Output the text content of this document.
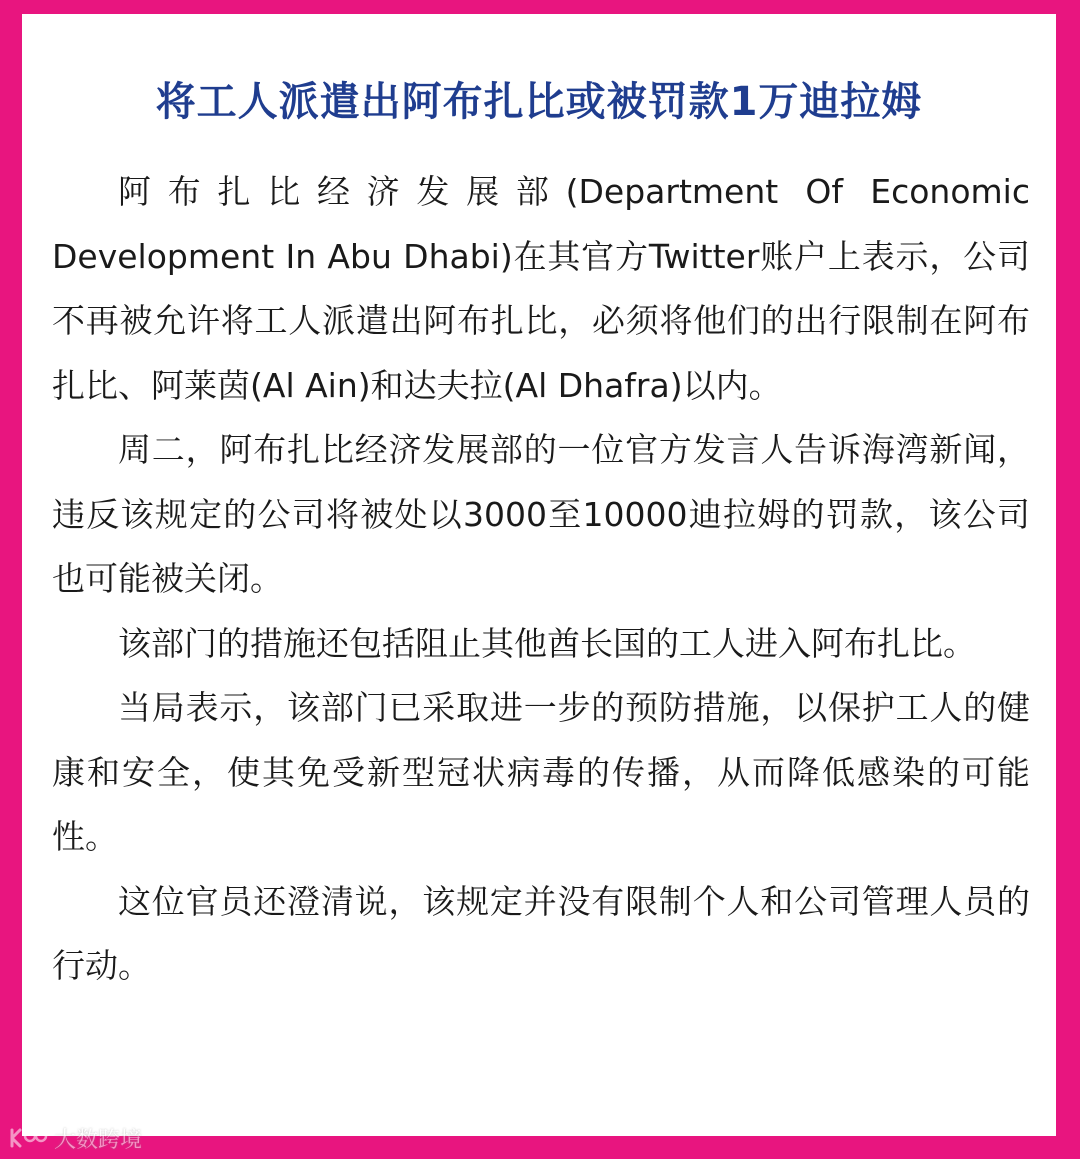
将工人派遣出阿布扎比或被罚款1万迪拉姆

阿布扎比经济发展部(Department Of Economic Development In Abu Dhabi)在其官方Twitter账户上表示，公司不再被允许将工人派遣出阿布扎比，必须将他们的出行限制在阿布扎比、阿莱茵(Al Ain)和达夫拉(Al Dhafra)以内。

周二，阿布扎比经济发展部的一位官方发言人告诉海湾新闻，违反该规定的公司将被处以3000至10000迪拉姆的罚款，该公司也可能被关闭。

该部门的措施还包括阻止其他酋长国的工人进入阿布扎比。

当局表示，该部门已采取进一步的预防措施，以保护工人的健康和安全，使其免受新型冠状病毒的传播，从而降低感染的可能性。

这位官员还澄清说，该规定并没有限制个人和公司管理人员的行动。

大数跨境
